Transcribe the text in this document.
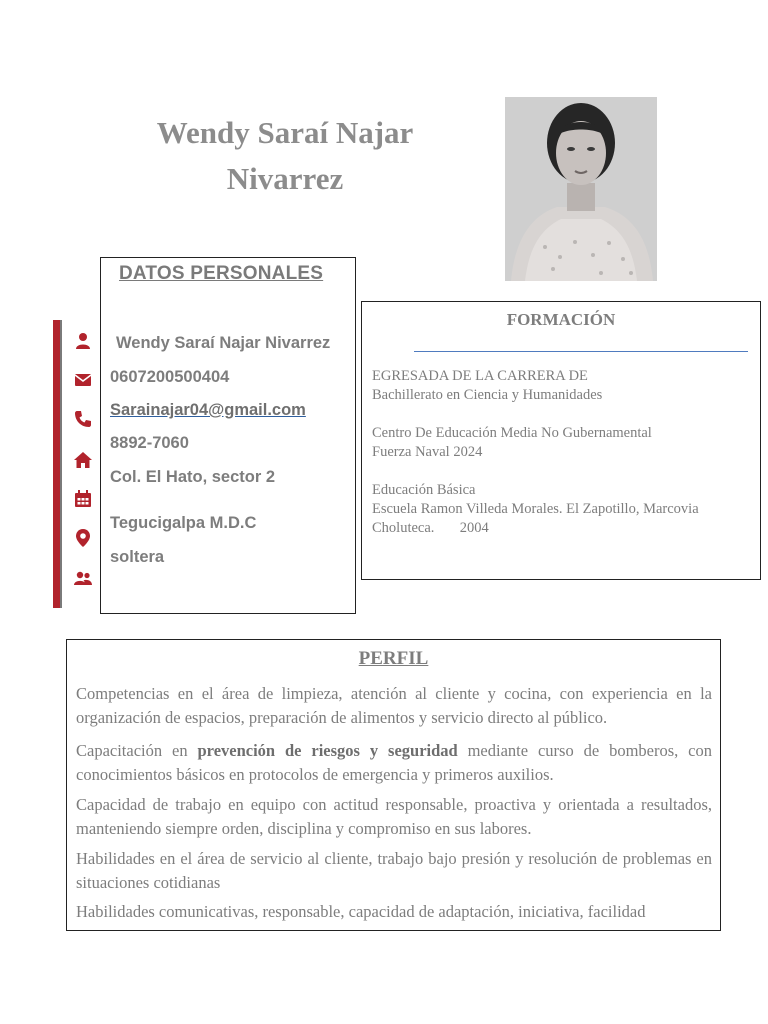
Wendy Saraí Najar
Nivarrez
DATOS PERSONALES
Wendy Saraí Najar Nivarrez
0607200500404
Sarainajar04@gmail.com
8892-7060
Col. El Hato, sector 2
Tegucigalpa M.D.C
soltera
FORMACIÓN
EGRESADA DE LA CARRERA DE
Bachillerato en Ciencia y Humanidades
Centro De Educación Media No Gubernamental
Fuerza Naval 2024
Educación Básica
Escuela Ramon Villeda Morales. El Zapotillo, Marcovia
Choluteca.       2004
PERFIL

Competencias en el área de limpieza, atención al cliente y cocina, con experiencia en la organización de espacios, preparación de alimentos y servicio directo al público.

Capacitación en prevención de riesgos y seguridad mediante curso de bomberos, con conocimientos básicos en protocolos de emergencia y primeros auxilios.

Capacidad de trabajo en equipo con actitud responsable, proactiva y orientada a resultados, manteniendo siempre orden, disciplina y compromiso en sus labores.

Habilidades en el área de servicio al cliente, trabajo bajo presión y resolución de problemas en situaciones cotidianas

Habilidades comunicativas, responsable, capacidad de adaptación, iniciativa, facilidad
